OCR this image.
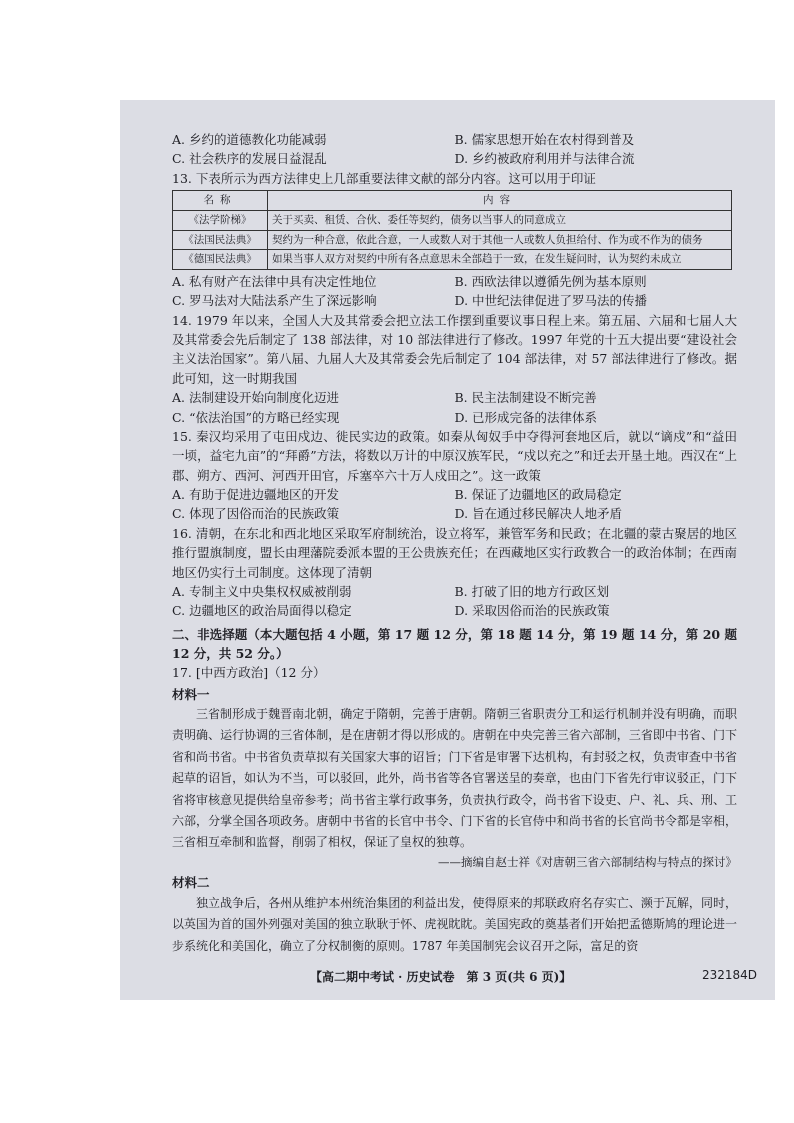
A. 乡约的道德教化功能减弱	B. 儒家思想开始在农村得到普及
C. 社会秩序的发展日益混乱	D. 乡约被政府利用并与法律合流

13. 下表所示为西方法律史上几部重要法律文献的部分内容。这可以用于印证

名称	内容
《法学阶梯》	关于买卖、租赁、合伙、委任等契约，债务以当事人的同意成立
《法国民法典》	契约为一种合意，依此合意，一人或数人对于其他一人或数人负担给付、作为或不作为的债务
《德国民法典》	如果当事人双方对契约中所有各点意思未全部趋于一致，在发生疑问时，认为契约未成立
A. 私有财产在法律中具有决定性地位	B. 西欧法律以遵循先例为基本原则
C. 罗马法对大陆法系产生了深远影响	D. 中世纪法律促进了罗马法的传播

14. 1979 年以来，全国人大及其常委会把立法工作摆到重要议事日程上来。第五届、六届和七届人大及其常委会先后制定了 138 部法律，对 10 部法律进行了修改。1997 年党的十五大提出要“建设社会主义法治国家”。第八届、九届人大及其常委会先后制定了 104 部法律，对 57 部法律进行了修改。据此可知，这一时期我国

A. 法制建设开始向制度化迈进	B. 民主法制建设不断完善
C. “依法治国”的方略已经实现	D. 已形成完备的法律体系

15. 秦汉均采用了屯田戍边、徙民实边的政策。如秦从匈奴手中夺得河套地区后，就以“谪戍”和“益田一顷，益宅九亩”的“拜爵”方法，将数以万计的中原汉族军民，“戍以充之”和迁去开垦土地。西汉在“上郡、朔方、西河、河西开田官，斥塞卒六十万人戍田之”。这一政策

A. 有助于促进边疆地区的开发	B. 保证了边疆地区的政局稳定
C. 体现了因俗而治的民族政策	D. 旨在通过移民解决人地矛盾

16. 清朝，在东北和西北地区采取军府制统治，设立将军，兼管军务和民政；在北疆的蒙古聚居的地区推行盟旗制度，盟长由理藩院委派本盟的王公贵族充任；在西藏地区实行政教合一的政治体制；在西南地区仍实行土司制度。这体现了清朝

A. 专制主义中央集权权威被削弱	B. 打破了旧的地方行政区划
C. 边疆地区的政治局面得以稳定	D. 采取因俗而治的民族政策

二、非选择题（本大题包括 4 小题，第 17 题 12 分，第 18 题 14 分，第 19 题 14 分，第 20 题 12 分，共 52 分。）

17. [中西方政治]（12 分）

材料一

三省制形成于魏晋南北朝，确定于隋朝，完善于唐朝。隋朝三省职责分工和运行机制并没有明确，而职责明确、运行协调的三省体制，是在唐朝才得以形成的。唐朝在中央完善三省六部制，三省即中书省、门下省和尚书省。中书省负责草拟有关国家大事的诏旨；门下省是审署下达机构，有封驳之权，负责审查中书省起草的诏旨，如认为不当，可以驳回，此外，尚书省等各官署送呈的奏章，也由门下省先行审议驳正，门下省将审核意见提供给皇帝参考；尚书省主掌行政事务，负责执行政令，尚书省下设吏、户、礼、兵、刑、工六部，分掌全国各项政务。唐朝中书省的长官中书令、门下省的长官侍中和尚书省的长官尚书令都是宰相，三省相互牵制和监督，削弱了相权，保证了皇权的独尊。

——摘编自赵士祥《对唐朝三省六部制结构与特点的探讨》

材料二

独立战争后，各州从维护本州统治集团的利益出发，使得原来的邦联政府名存实亡、濒于瓦解，同时，以英国为首的国外列强对美国的独立耿耿于怀、虎视眈眈。美国宪政的奠基者们开始把孟德斯鸠的理论进一步系统化和美国化，确立了分权制衡的原则。1787 年美国制宪会议召开之际，富足的资

【高二期中考试 · 历史试卷　第 3 页(共 6 页)】	232184D
